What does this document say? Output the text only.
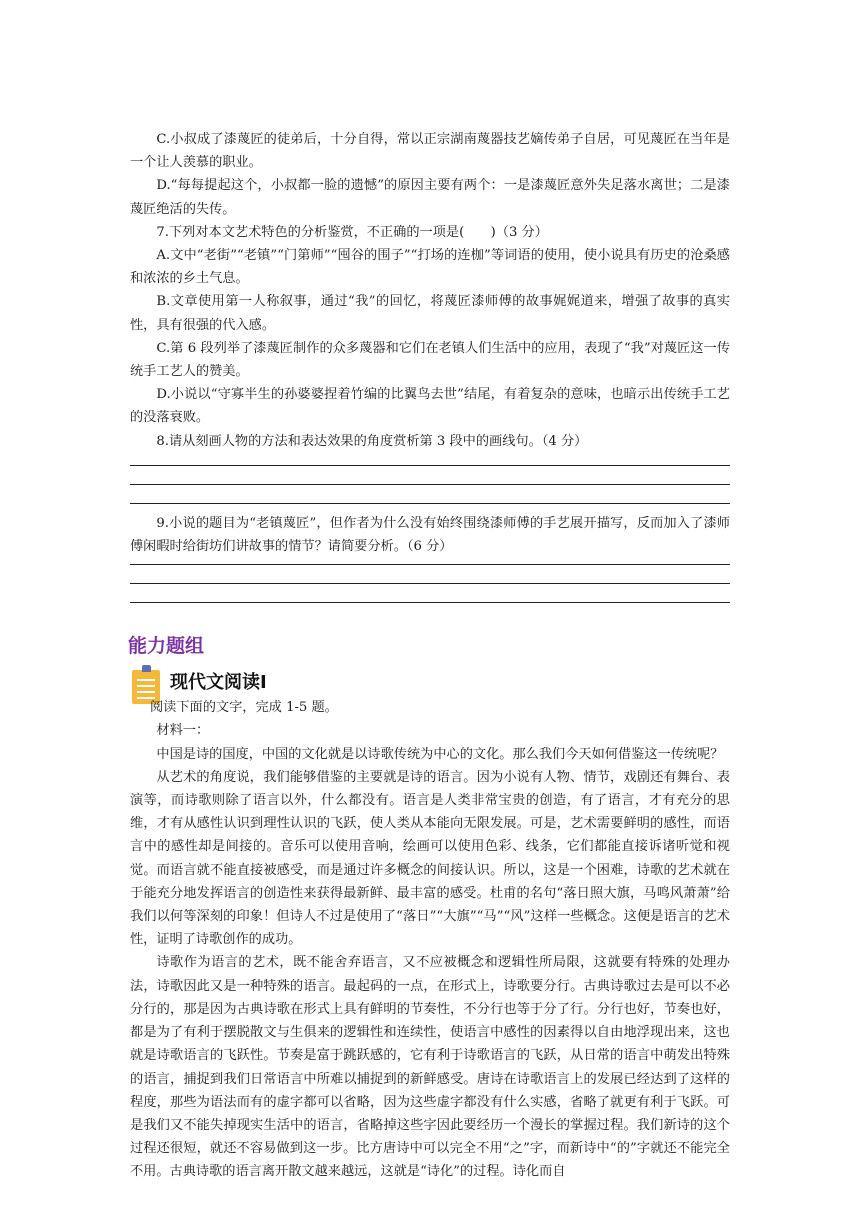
C.小叔成了漆蔑匠的徒弟后，十分自得，常以正宗湖南蔑器技艺嫡传弟子自居，可见蔑匠在当年是一个让人羡慕的职业。

D.“每每提起这个，小叔都一脸的遗憾”的原因主要有两个：一是漆蔑匠意外失足落水离世；二是漆蔑匠绝活的失传。

7.下列对本文艺术特色的分析鉴赏，不正确的一项是(　　)（3 分）

A.文中“老街”“老镇”“门第师”“囤谷的围子”“打场的连枷”等词语的使用，使小说具有历史的沧桑感和浓浓的乡土气息。

B.文章使用第一人称叙事，通过“我”的回忆，将蔑匠漆师傅的故事娓娓道来，增强了故事的真实性，具有很强的代入感。

C.第 6 段列举了漆蔑匠制作的众多蔑器和它们在老镇人们生活中的应用，表现了“我”对蔑匠这一传统手工艺人的赞美。

D.小说以“守寡半生的孙婆婆捏着竹编的比翼鸟去世”结尾，有着复杂的意味，也暗示出传统手工艺的没落衰败。

8.请从刻画人物的方法和表达效果的角度赏析第 3 段中的画线句。（4 分）

9.小说的题目为“老镇蔑匠”，但作者为什么没有始终围绕漆师傅的手艺展开描写，反而加入了漆师傅闲暇时给街坊们讲故事的情节？请简要分析。（6 分）

能力题组
现代文阅读Ⅰ

阅读下面的文字，完成 1-5 题。

材料一：

中国是诗的国度，中国的文化就是以诗歌传统为中心的文化。那么我们今天如何借鉴这一传统呢？

从艺术的角度说，我们能够借鉴的主要就是诗的语言。因为小说有人物、情节，戏剧还有舞台、表演等，而诗歌则除了语言以外，什么都没有。语言是人类非常宝贵的创造，有了语言，才有充分的思维，才有从感性认识到理性认识的飞跃，使人类从本能向无限发展。可是，艺术需要鲜明的感性，而语言中的感性却是间接的。音乐可以使用音响，绘画可以使用色彩、线条，它们都能直接诉诸听觉和视觉。而语言就不能直接被感受，而是通过许多概念的间接认识。所以，这是一个困难，诗歌的艺术就在于能充分地发挥语言的创造性来获得最新鲜、最丰富的感受。杜甫的名句“落日照大旗，马鸣风萧萧”给我们以何等深刻的印象！但诗人不过是使用了“落日”“大旗”“马”“风”这样一些概念。这便是语言的艺术性，证明了诗歌创作的成功。

诗歌作为语言的艺术，既不能舍弃语言，又不应被概念和逻辑性所局限，这就要有特殊的处理办法，诗歌因此又是一种特殊的语言。最起码的一点，在形式上，诗歌要分行。古典诗歌过去是可以不必分行的，那是因为古典诗歌在形式上具有鲜明的节奏性，不分行也等于分了行。分行也好，节奏也好，都是为了有利于摆脱散文与生俱来的逻辑性和连续性，使语言中感性的因素得以自由地浮现出来，这也就是诗歌语言的飞跃性。节奏是富于跳跃感的，它有利于诗歌语言的飞跃，从日常的语言中萌发出特殊的语言，捕捉到我们日常语言中所难以捕捉到的新鲜感受。唐诗在诗歌语言上的发展已经达到了这样的程度，那些为语法而有的虚字都可以省略，因为这些虚字都没有什么实感，省略了就更有利于飞跃。可是我们又不能失掉现实生活中的语言，省略掉这些字因此要经历一个漫长的掌握过程。我们新诗的这个过程还很短，就还不容易做到这一步。比方唐诗中可以完全不用“之”字，而新诗中“的”字就还不能完全不用。古典诗歌的语言离开散文越来越远，这就是“诗化”的过程。诗化而自
